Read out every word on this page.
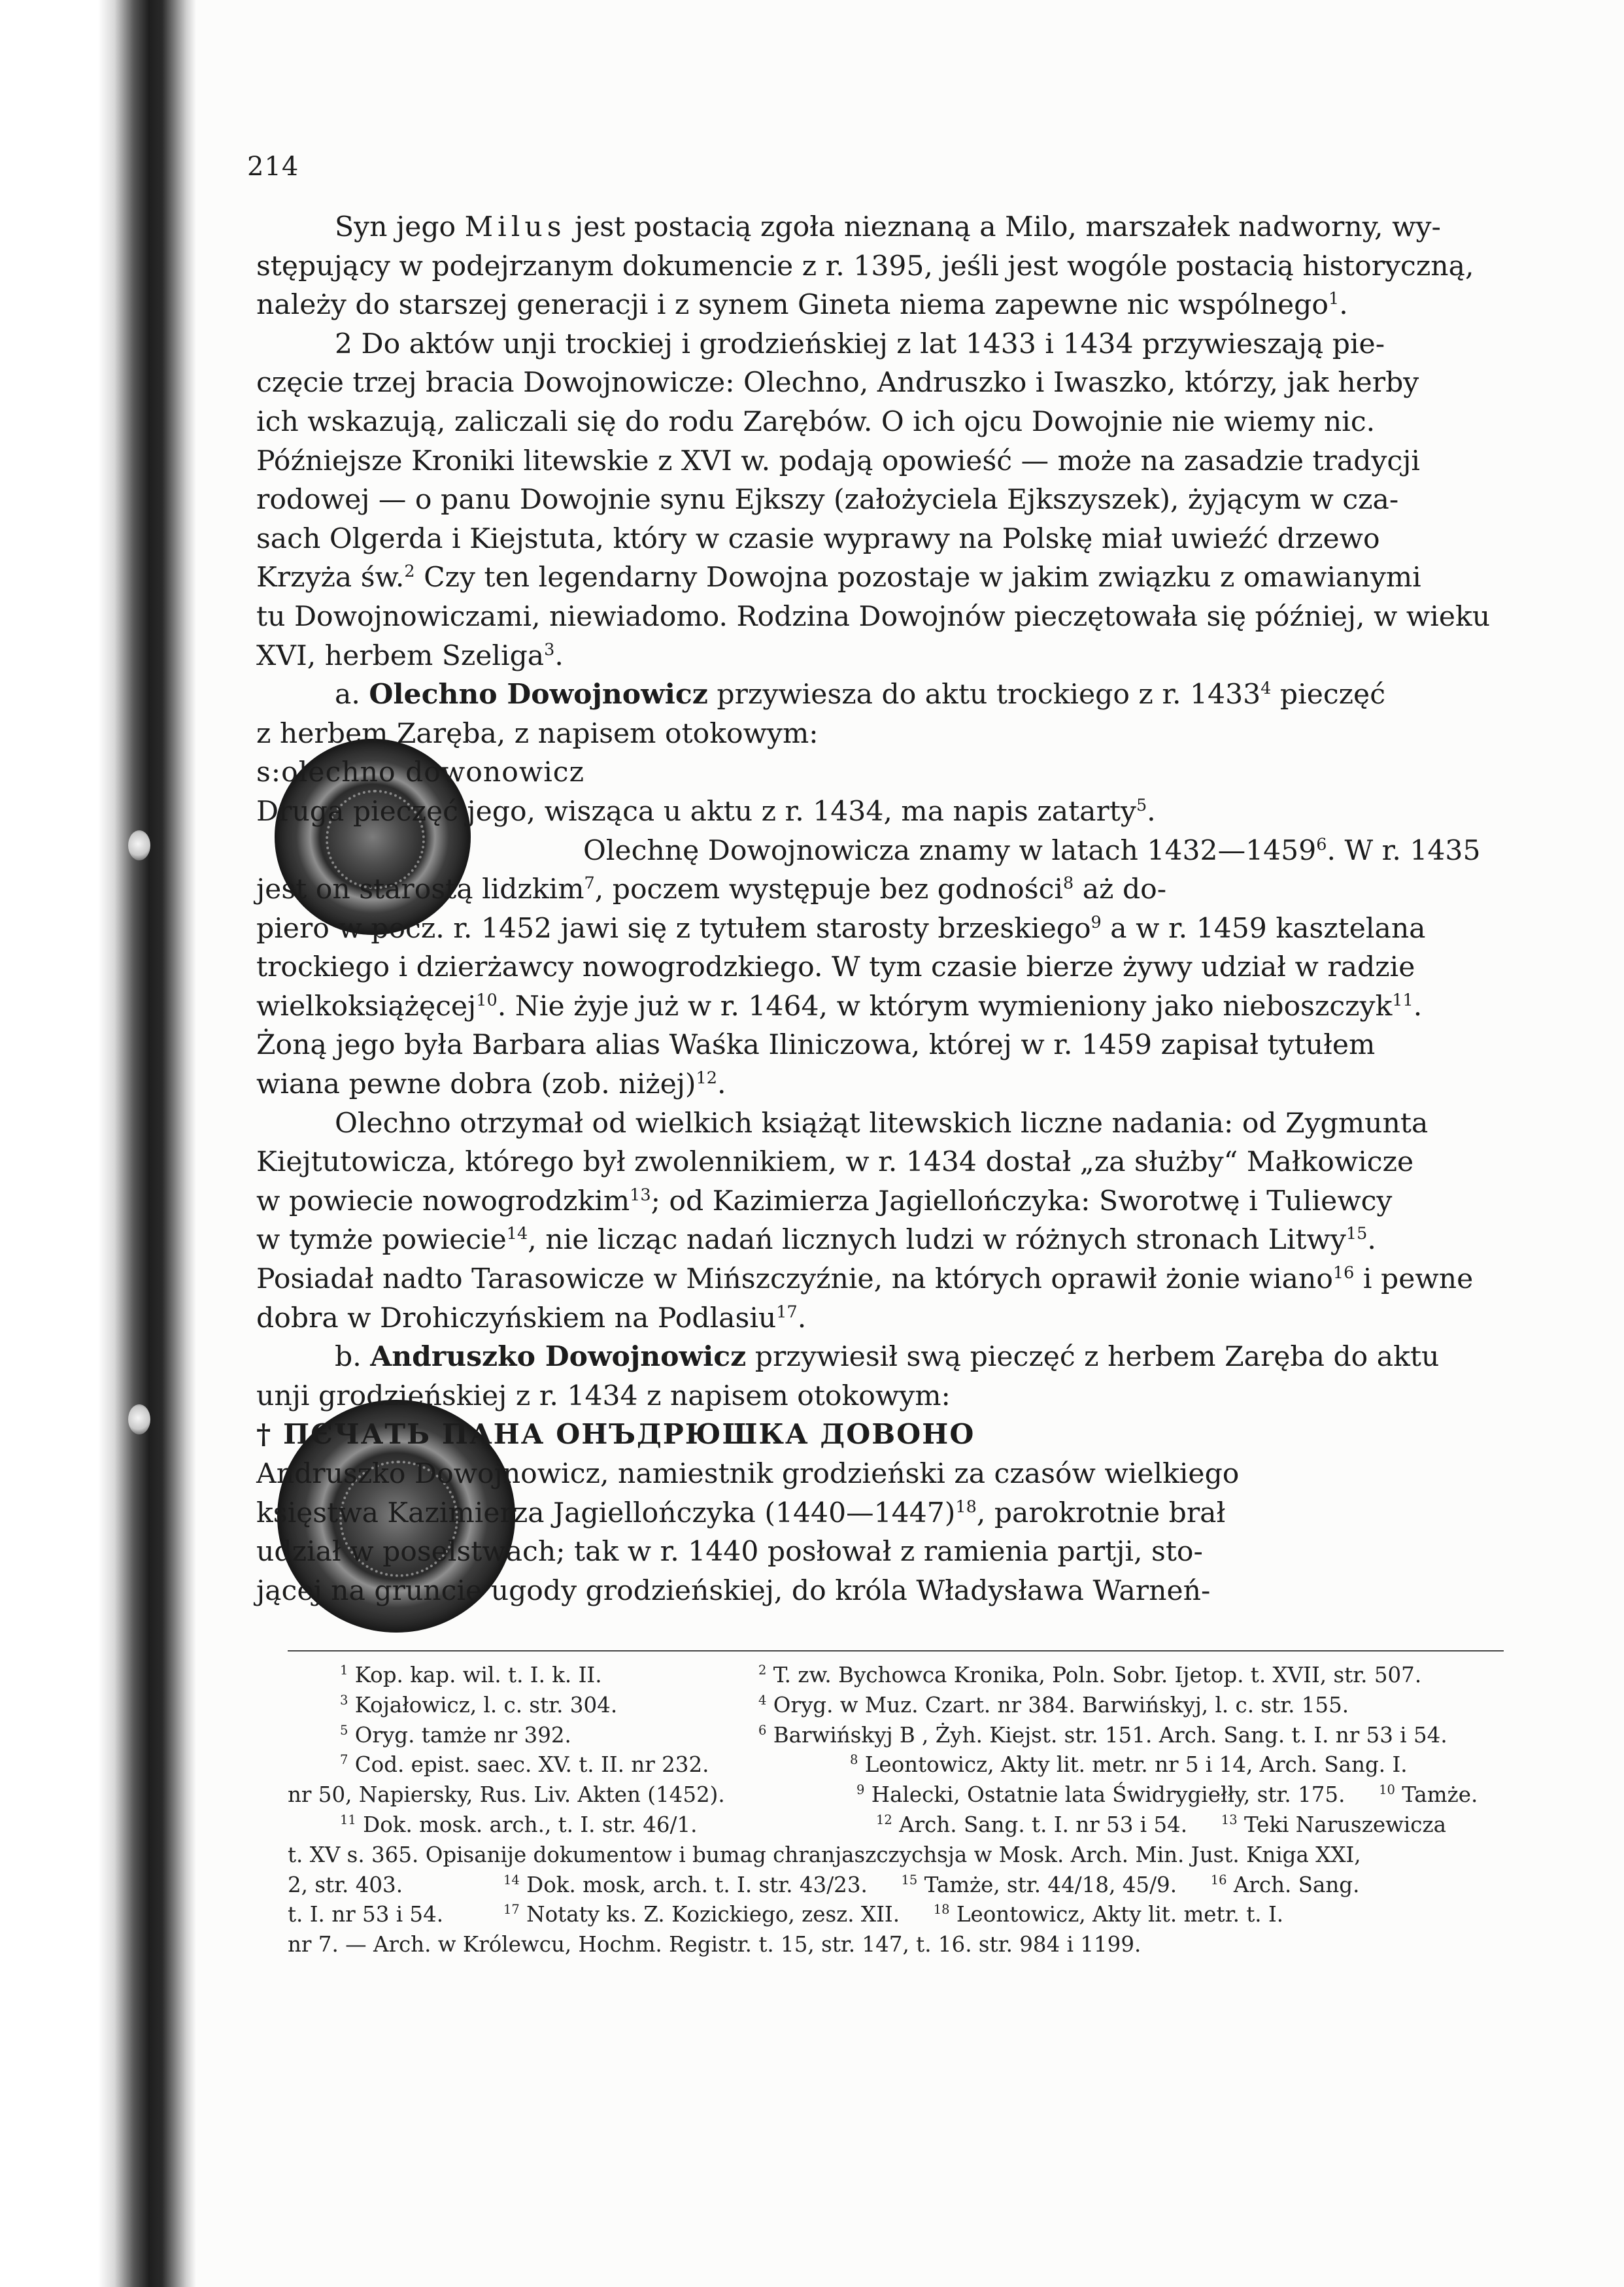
214

Syn jego Milus jest postacią zgoła nieznaną a Milo, marszałek nadworny, wy-

stępujący w podejrzanym dokumencie z r. 1395, jeśli jest wogóle postacią historyczną,

należy do starszej generacji i z synem Gineta niema zapewne nic wspólnego$^1$.

2 Do aktów unji trockiej i grodzieńskiej z lat 1433 i 1434 przywieszają pie-

częcie trzej bracia Dowojnowicze: Olechno, Andruszko i Iwaszko, którzy, jak herby

ich wskazują, zaliczali się do rodu Zarębów. O ich ojcu Dowojnie nie wiemy nic.

Późniejsze Kroniki litewskie z XVI w. podają opowieść — może na zasadzie tradycji

rodowej — o panu Dowojnie synu Ejkszy (założyciela Ejkszyszek), żyjącym w cza-

sach Olgerda i Kiejstuta, który w czasie wyprawy na Polskę miał uwieźć drzewo

Krzyża św.$^2$ Czy ten legendarny Dowojna pozostaje w jakim związku z omawianymi

tu Dowojnowiczami, niewiadomo. Rodzina Dowojnów pieczętowała się później, w wieku

XVI, herbem Szeliga$^3$.

a. Olechno Dowojnowicz przywiesza do aktu trockiego z r. 1433$^4$ pieczęć

z herbem Zaręba, z napisem otokowym:

s:olechno dowonowicz

Druga pieczęć jego, wisząca u aktu z r. 1434, ma napis zatarty$^5$.

Olechnę Dowojnowicza znamy w latach 1432—1459$^6$. W r. 1435

jest on starostą lidzkim$^7$, poczem występuje bez godności$^8$ aż do-

piero w pocz. r. 1452 jawi się z tytułem starosty brzeskiego$^9$ a w r. 1459 kasztelana

trockiego i dzierżawcy nowogrodzkiego. W tym czasie bierze żywy udział w radzie

wielkoksiążęcej$^{10}$. Nie żyje już w r. 1464, w którym wymieniony jako nieboszczyk$^{11}$.

Żoną jego była Barbara alias Waśka Iliniczowa, której w r. 1459 zapisał tytułem

wiana pewne dobra (zob. niżej)$^{12}$.

Olechno otrzymał od wielkich książąt litewskich liczne nadania: od Zygmunta

Kiejtutowicza, którego był zwolennikiem, w r. 1434 dostał „za służby“ Małkowicze

w powiecie nowogrodzkim$^{13}$; od Kazimierza Jagiellończyka: Sworotwę i Tuliewcy

w tymże powiecie$^{14}$, nie licząc nadań licznych ludzi w różnych stronach Litwy$^{15}$.

Posiadał nadto Tarasowicze w Mińszczyźnie, na których oprawił żonie wiano$^{16}$ i pewne

dobra w Drohiczyńskiem na Podlasiu$^{17}$.

b. Andruszko Dowojnowicz przywiesił swą pieczęć z herbem Zaręba do aktu

unji grodzieńskiej z r. 1434 z napisem otokowym:

† ПЄЧАТЬ ПАНА ОНЪДРЮШКА ДОВОНО

Andruszko Dowojnowicz, namiestnik grodzieński za czasów wielkiego

księstwa Kazimierza Jagiellończyka (1440—1447)$^{18}$, parokrotnie brał

udział w poselstwach; tak w r. 1440 posłował z ramienia partji, sto-

jącej na gruncie ugody grodzieńskiej, do króla Władysława Warneń-

$^1$ Kop. kap. wil. t. I. k. II.	$^2$ T. zw. Bychowca Kronika, Poln. Sobr. Ijetop. t. XVII, str. 507.

$^3$ Kojałowicz, l. c. str. 304.	$^4$ Oryg. w Muz. Czart. nr 384. Barwińskyj, l. c. str. 155.

$^5$ Oryg. tamże nr 392.	$^6$ Barwińskyj B , Żyh. Kiejst. str. 151. Arch. Sang. t. I. nr 53 i 54.

$^7$ Cod. epist. saec. XV. t. II. nr 232.	$^8$ Leontowicz, Akty lit. metr. nr 5 i 14, Arch. Sang. I.

nr 50, Napiersky, Rus. Liv. Akten (1452).	$^9$ Halecki, Ostatnie lata Świdrygiełły, str. 175.	$^{10}$ Tamże.

$^{11}$ Dok. mosk. arch., t. I. str. 46/1.	$^{12}$ Arch. Sang. t. I. nr 53 i 54.	$^{13}$ Teki Naruszewicza

t. XV s. 365. Opisanije dokumentow i bumag chranjaszczychsja w Mosk. Arch. Min. Just. Kniga XXI,

2, str. 403.	$^{14}$ Dok. mosk, arch. t. I. str. 43/23.	$^{15}$ Tamże, str. 44/18, 45/9.	$^{16}$ Arch. Sang.

t. I. nr 53 i 54.	$^{17}$ Notaty ks. Z. Kozickiego, zesz. XII.	$^{18}$ Leontowicz, Akty lit. metr. t. I.

nr 7. — Arch. w Królewcu, Hochm. Registr. t. 15, str. 147, t. 16. str. 984 i 1199.
